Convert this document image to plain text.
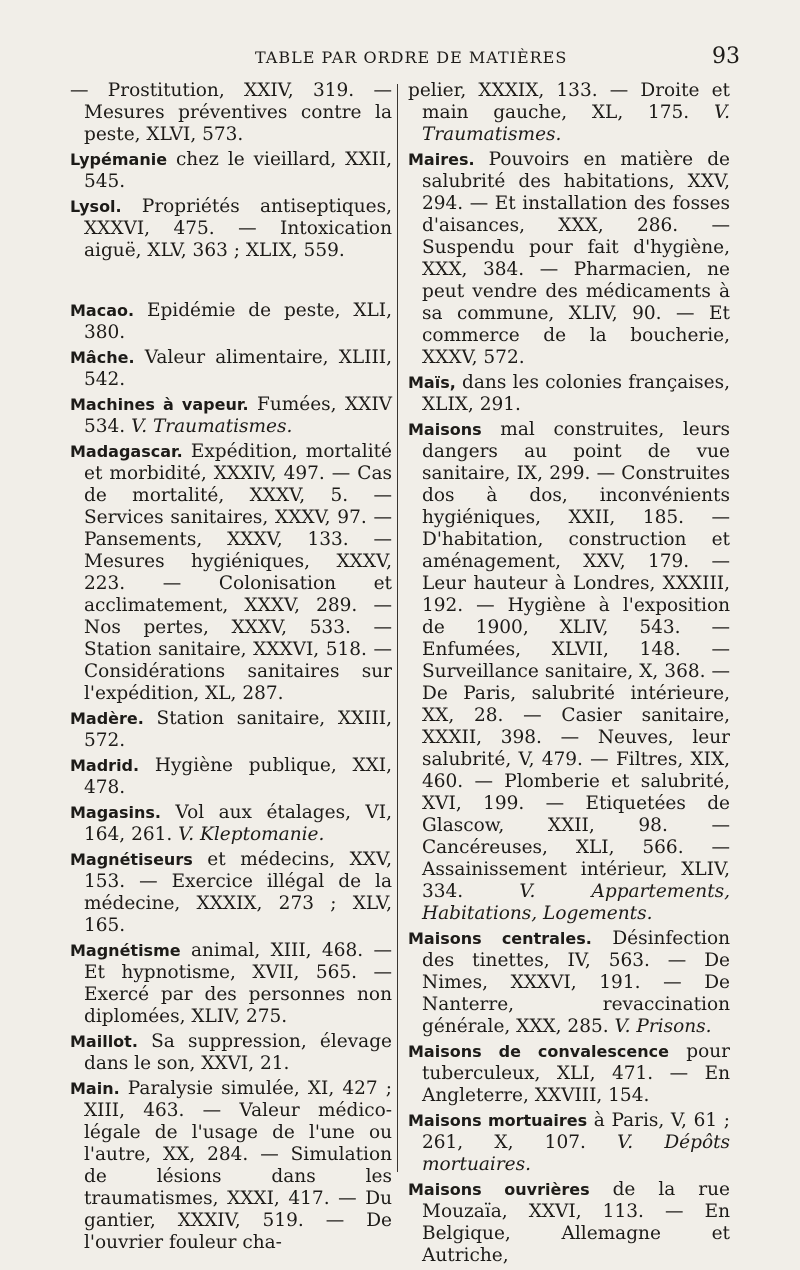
TABLE PAR ORDRE DE MATIÈRES	93

— Prostitution, XXIV, 319. — Mesures préventives contre la peste, XLVI, 573.

Lypémanie chez le vieillard, XXII, 545.

Lysol. Propriétés antiseptiques, XXXVI, 475. — Intoxication aiguë, XLV, 363 ; XLIX, 559.

Macao. Epidémie de peste, XLI, 380.

Mâche. Valeur alimentaire, XLIII, 542.

Machines à vapeur. Fumées, XXIV 534. V. Traumatismes.

Madagascar. Expédition, mortalité et morbidité, XXXIV, 497. — Cas de mortalité, XXXV, 5. — Services sanitaires, XXXV, 97. — Pansements, XXXV, 133. — Mesures hygiéniques, XXXV, 223. — Colonisation et acclimatement, XXXV, 289. — Nos pertes, XXXV, 533. — Station sanitaire, XXXVI, 518. — Considérations sanitaires sur l'expédition, XL, 287.

Madère. Station sanitaire, XXIII, 572.

Madrid. Hygiène publique, XXI, 478.

Magasins. Vol aux étalages, VI, 164, 261. V. Kleptomanie.

Magnétiseurs et médecins, XXV, 153. — Exercice illégal de la médecine, XXXIX, 273 ; XLV, 165.

Magnétisme animal, XIII, 468. — Et hypnotisme, XVII, 565. — Exercé par des personnes non diplomées, XLIV, 275.

Maillot. Sa suppression, élevage dans le son, XXVI, 21.

Main. Paralysie simulée, XI, 427 ; XIII, 463. — Valeur médico-légale de l'usage de l'une ou l'autre, XX, 284. — Simulation de lésions dans les traumatismes, XXXI, 417. — Du gantier, XXXIV, 519. — De l'ouvrier fouleur cha-

pelier, XXXIX, 133. — Droite et main gauche, XL, 175. V. Traumatismes.

Maires. Pouvoirs en matière de salubrité des habitations, XXV, 294. — Et installation des fosses d'aisances, XXX, 286. — Suspendu pour fait d'hygiène, XXX, 384. — Pharmacien, ne peut vendre des médicaments à sa commune, XLIV, 90. — Et commerce de la boucherie, XXXV, 572.

Maïs, dans les colonies françaises, XLIX, 291.

Maisons mal construites, leurs dangers au point de vue sanitaire, IX, 299. — Construites dos à dos, inconvénients hygiéniques, XXII, 185. — D'habitation, construction et aménagement, XXV, 179. — Leur hauteur à Londres, XXXIII, 192. — Hygiène à l'exposition de 1900, XLIV, 543. — Enfumées, XLVII, 148. — Surveillance sanitaire, X, 368. — De Paris, salubrité intérieure, XX, 28. — Casier sanitaire, XXXII, 398. — Neuves, leur salubrité, V, 479. — Filtres, XIX, 460. — Plomberie et salubrité, XVI, 199. — Etiquetées de Glascow, XXII, 98. — Cancéreuses, XLI, 566. — Assainissement intérieur, XLIV, 334. V. Appartements, Habitations, Logements.

Maisons centrales. Désinfection des tinettes, IV, 563. — De Nimes, XXXVI, 191. — De Nanterre, revaccination générale, XXX, 285. V. Prisons.

Maisons de convalescence pour tuberculeux, XLI, 471. — En Angleterre, XXVIII, 154.

Maisons mortuaires à Paris, V, 61 ; 261, X, 107. V. Dépôts mortuaires.

Maisons ouvrières de la rue Mouzaïa, XXVI, 113. — En Belgique, Allemagne et Autriche,
